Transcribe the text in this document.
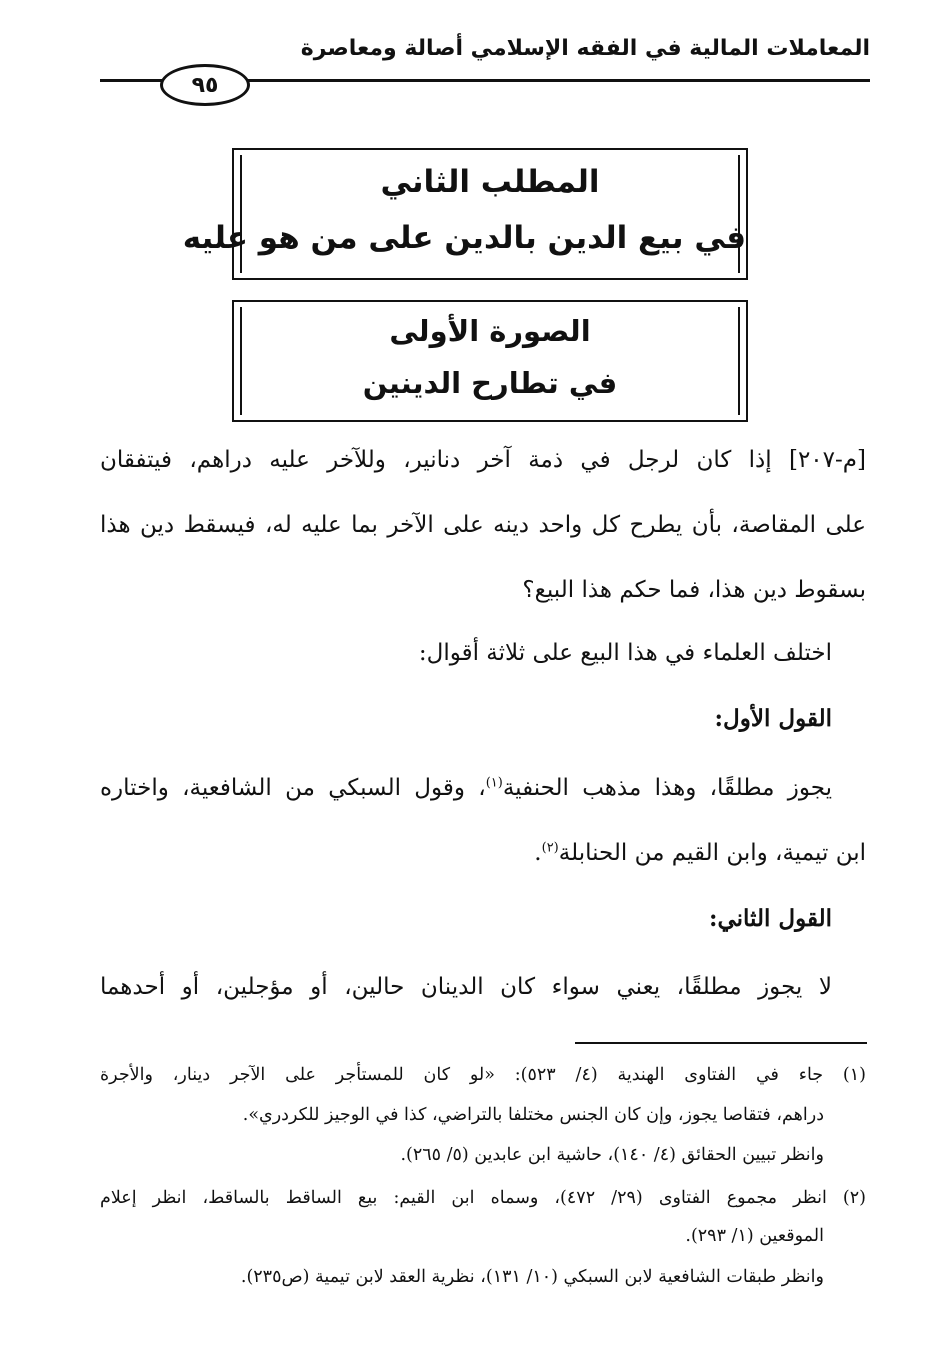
المعاملات المالية في الفقه الإسلامي أصالة ومعاصرة
٩٥
المطلب الثاني
في بيع الدين بالدين على من هو عليه
الصورة الأولى
في تطارح الدينين
[م-٢٠٧] إذا كان لرجل في ذمة آخر دنانير، وللآخر عليه دراهم، فيتفقان
على المقاصة، بأن يطرح كل واحد دينه على الآخر بما عليه له، فيسقط دين هذا
بسقوط دين هذا، فما حكم هذا البيع؟
اختلف العلماء في هذا البيع على ثلاثة أقوال:
القول الأول:
يجوز مطلقًا، وهذا مذهب الحنفية$^{(١)}$، وقول السبكي من الشافعية، واختاره
ابن تيمية، وابن القيم من الحنابلة$^{(٢)}$.
القول الثاني:
لا يجوز مطلقًا، يعني سواء كان الدينان حالين، أو مؤجلين، أو أحدهما
(١) جاء في الفتاوى الهندية (٤/ ٥٢٣): «لو كان للمستأجر على الآجر دينار، والأجرة
دراهم، فتقاصا يجوز، وإن كان الجنس مختلفا بالتراضي، كذا في الوجيز للكردري».
وانظر تبيين الحقائق (٤/ ١٤٠)، حاشية ابن عابدين (٥/ ٢٦٥).
(٢) انظر مجموع الفتاوى (٢٩/ ٤٧٢)، وسماه ابن القيم: بيع الساقط بالساقط، انظر إعلام
الموقعين (١/ ٢٩٣).
وانظر طبقات الشافعية لابن السبكي (١٠/ ١٣١)، نظرية العقد لابن تيمية (ص٢٣٥).
